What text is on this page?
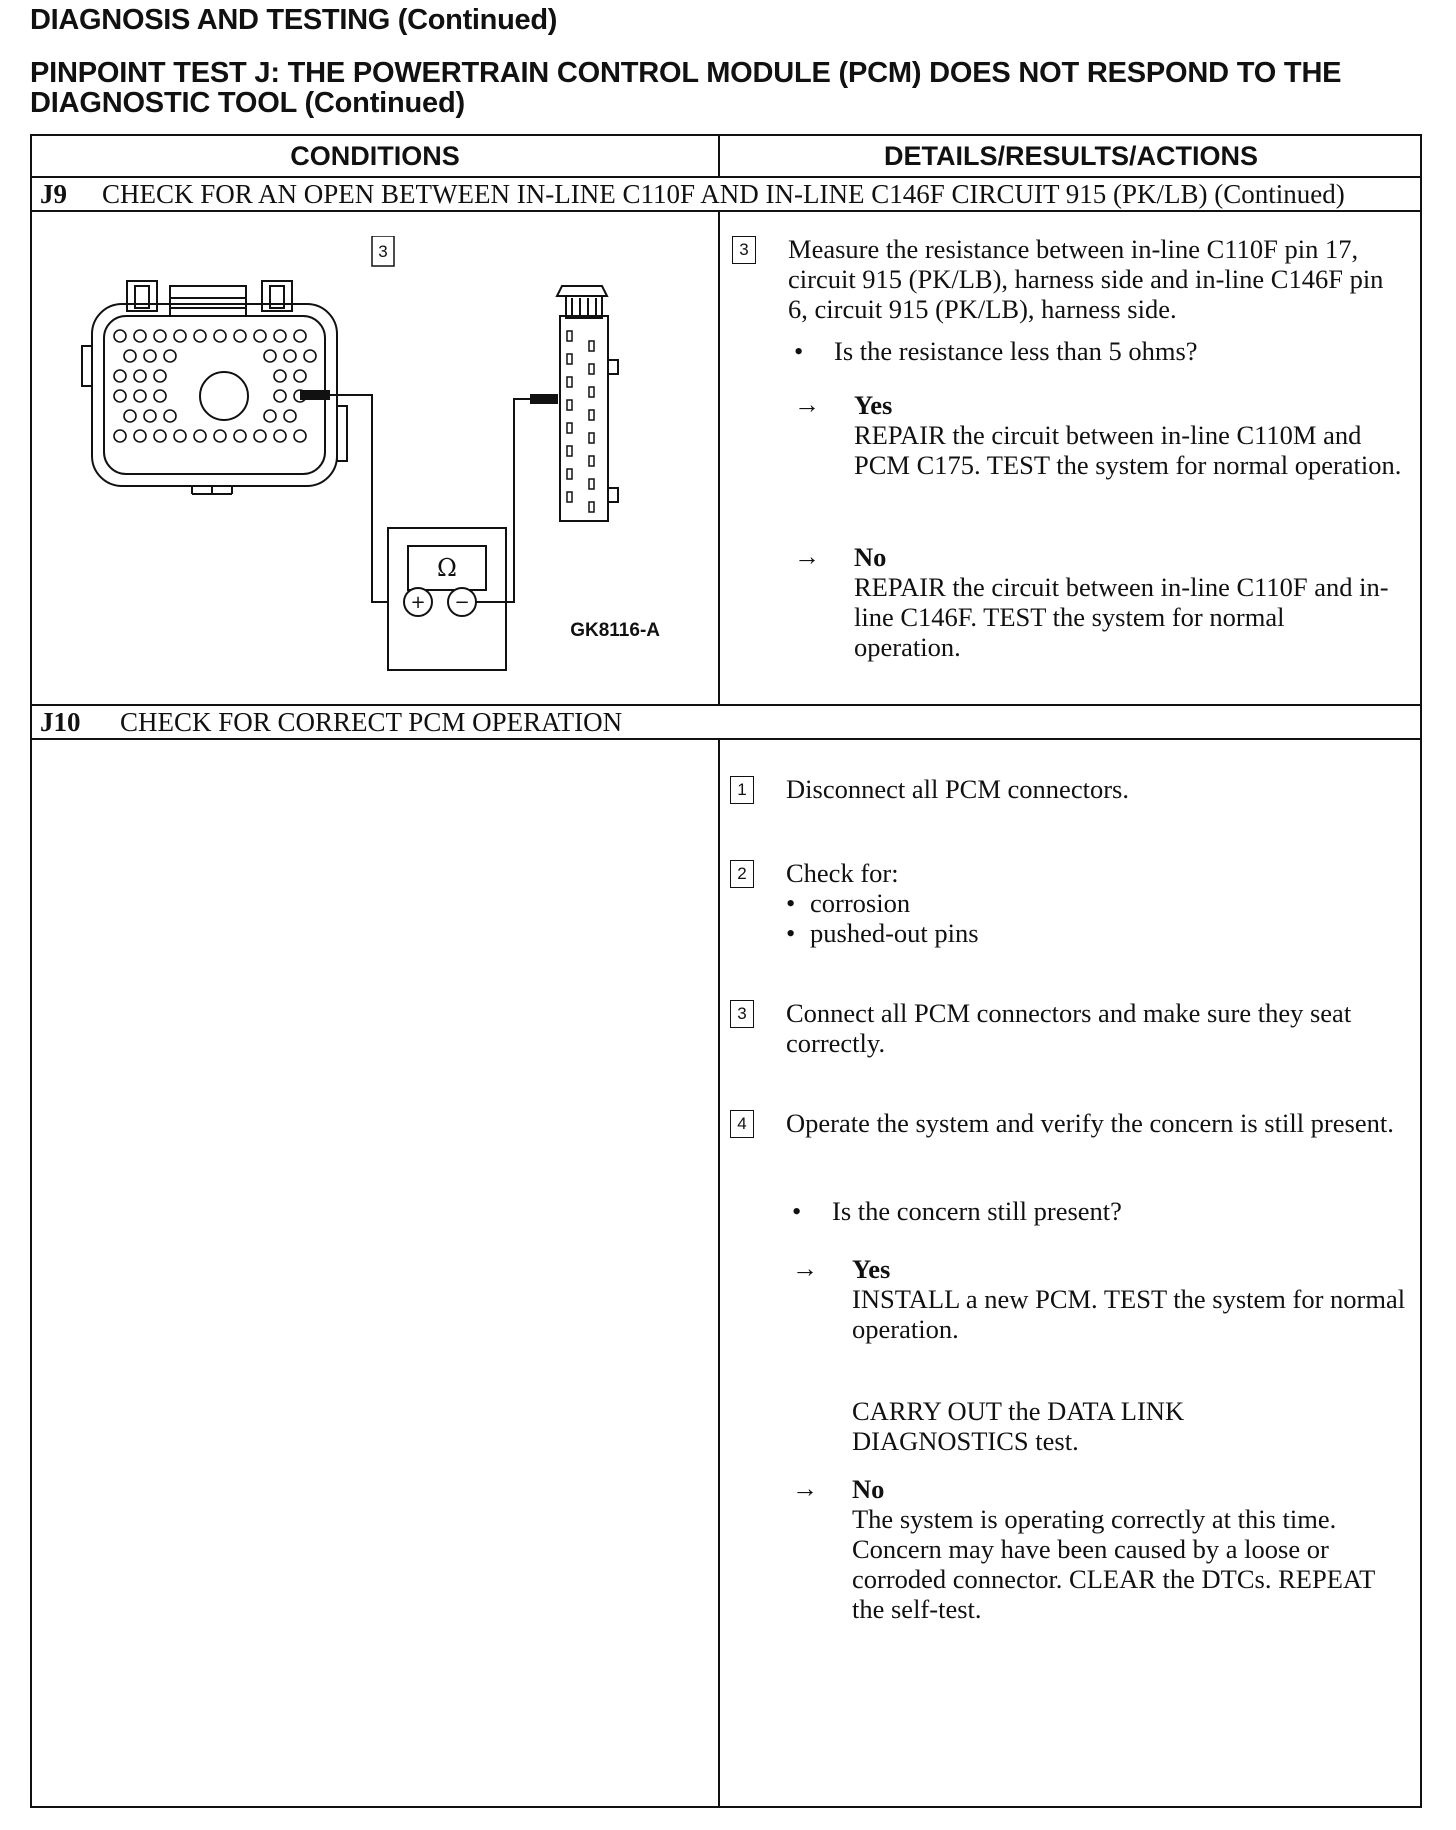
DIAGNOSIS AND TESTING (Continued)
PINPOINT TEST J: THE POWERTRAIN CONTROL MODULE (PCM) DOES NOT RESPOND TO THE DIAGNOSTIC TOOL (Continued)
CONDITIONS	DETAILS/RESULTS/ACTIONS
J9 CHECK FOR AN OPEN BETWEEN IN-LINE C110F AND IN-LINE C146F CIRCUIT 915 (PK/LB) (Continued)
3
Ω
+ −
GK8116-A
3 Measure the resistance between in-line C110F pin 17, circuit 915 (PK/LB), harness side and in-line C146F pin 6, circuit 915 (PK/LB), harness side.
• Is the resistance less than 5 ohms?
→ Yes
REPAIR the circuit between in-line C110M and PCM C175. TEST the system for normal operation.
→ No
REPAIR the circuit between in-line C110F and in-line C146F. TEST the system for normal operation.
J10 CHECK FOR CORRECT PCM OPERATION
1 Disconnect all PCM connectors.
2 Check for:
• corrosion
• pushed-out pins
3 Connect all PCM connectors and make sure they seat correctly.
4 Operate the system and verify the concern is still present.
• Is the concern still present?
→ Yes
INSTALL a new PCM. TEST the system for normal operation.
CARRY OUT the DATA LINK DIAGNOSTICS test.
→ No
The system is operating correctly at this time. Concern may have been caused by a loose or corroded connector. CLEAR the DTCs. REPEAT the self-test.
